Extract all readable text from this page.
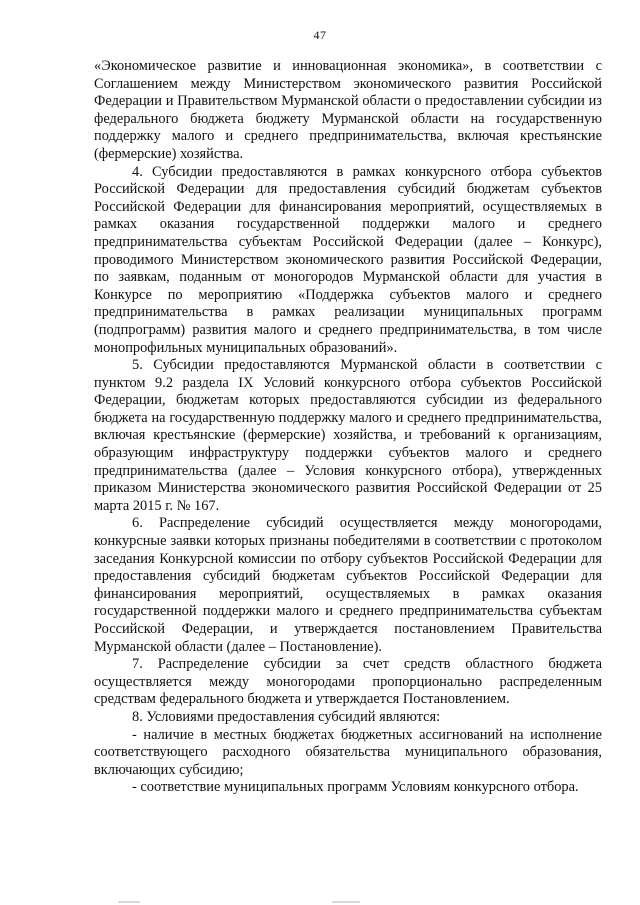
47

«Экономическое развитие и инновационная экономика», в соответствии с Соглашением между Министерством экономического развития Российской Федерации и Правительством Мурманской области о предоставлении субсидии из федерального бюджета бюджету Мурманской области на государственную поддержку малого и среднего предпринимательства, включая крестьянские (фермерские) хозяйства.

4. Субсидии предоставляются в рамках конкурсного отбора субъектов Российской Федерации для предоставления субсидий бюджетам субъектов Российской Федерации для финансирования мероприятий, осуществляемых в рамках оказания государственной поддержки малого и среднего предпринимательства субъектам Российской Федерации (далее – Конкурс), проводимого Министерством экономического развития Российской Федерации, по заявкам, поданным от моногородов Мурманской области для участия в Конкурсе по мероприятию «Поддержка субъектов малого и среднего предпринимательства в рамках реализации муниципальных программ (подпрограмм) развития малого и среднего предпринимательства, в том числе монопрофильных муниципальных образований».

5. Субсидии предоставляются Мурманской области в соответствии с пунктом 9.2 раздела IX Условий конкурсного отбора субъектов Российской Федерации, бюджетам которых предоставляются субсидии из федерального бюджета на государственную поддержку малого и среднего предпринимательства, включая крестьянские (фермерские) хозяйства, и требований к организациям, образующим инфраструктуру поддержки субъектов малого и среднего предпринимательства (далее – Условия конкурсного отбора), утвержденных приказом Министерства экономического развития Российской Федерации от 25 марта 2015 г. № 167.

6. Распределение субсидий осуществляется между моногородами, конкурсные заявки которых признаны победителями в соответствии с протоколом заседания Конкурсной комиссии по отбору субъектов Российской Федерации для предоставления субсидий бюджетам субъектов Российской Федерации для финансирования мероприятий, осуществляемых в рамках оказания государственной поддержки малого и среднего предпринимательства субъектам Российской Федерации, и утверждается постановлением Правительства Мурманской области (далее – Постановление).

7. Распределение субсидии за счет средств областного бюджета осуществляется между моногородами пропорционально распределенным средствам федерального бюджета и утверждается Постановлением.

8. Условиями предоставления субсидий являются:

- наличие в местных бюджетах бюджетных ассигнований на исполнение соответствующего расходного обязательства муниципального образования, включающих субсидию;

- соответствие муниципальных программ Условиям конкурсного отбора.
